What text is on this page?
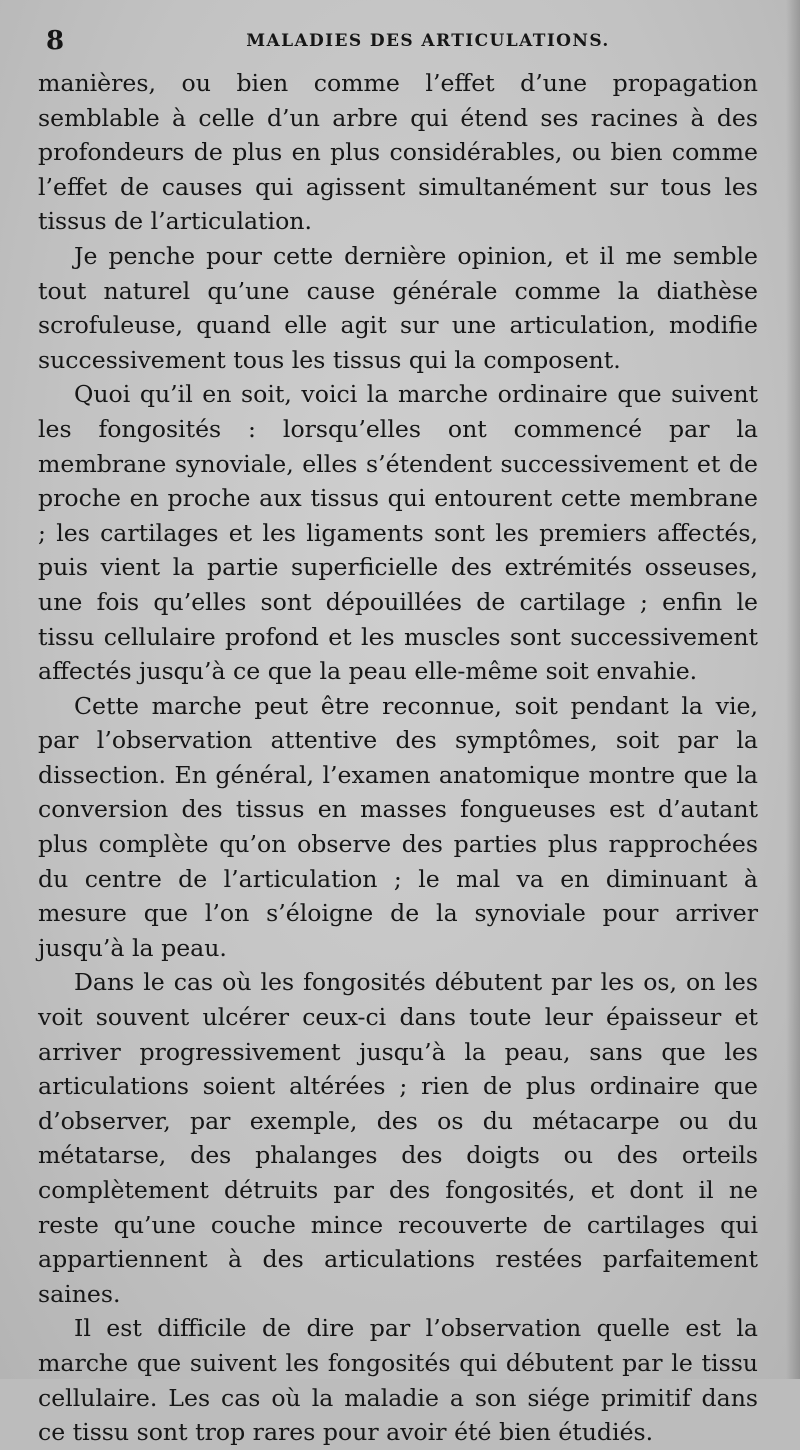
8	MALADIES DES ARTICULATIONS.

manières, ou bien comme l’effet d’une propagation semblable à celle d’un arbre qui étend ses racines à des profondeurs de plus en plus considérables, ou bien comme l’effet de causes qui agissent simultanément sur tous les tissus de l’articulation.

Je penche pour cette dernière opinion, et il me semble tout naturel qu’une cause générale comme la diathèse scrofuleuse, quand elle agit sur une articulation, modifie successivement tous les tissus qui la composent.

Quoi qu’il en soit, voici la marche ordinaire que suivent les fongosités : lorsqu’elles ont commencé par la membrane synoviale, elles s’étendent successivement et de proche en proche aux tissus qui entourent cette membrane ; les cartilages et les ligaments sont les premiers affectés, puis vient la partie superficielle des extrémités osseuses, une fois qu’elles sont dépouillées de cartilage ; enfin le tissu cellulaire profond et les muscles sont successivement affectés jusqu’à ce que la peau elle-même soit envahie.

Cette marche peut être reconnue, soit pendant la vie, par l’observation attentive des symptômes, soit par la dissection. En général, l’examen anatomique montre que la conversion des tissus en masses fongueuses est d’autant plus complète qu’on observe des parties plus rapprochées du centre de l’articulation ; le mal va en diminuant à mesure que l’on s’éloigne de la synoviale pour arriver jusqu’à la peau.

Dans le cas où les fongosités débutent par les os, on les voit souvent ulcérer ceux-ci dans toute leur épaisseur et arriver progressivement jusqu’à la peau, sans que les articulations soient altérées ; rien de plus ordinaire que d’observer, par exemple, des os du métacarpe ou du métatarse, des phalanges des doigts ou des orteils complètement détruits par des fongosités, et dont il ne reste qu’une couche mince recouverte de cartilages qui appartiennent à des articulations restées parfaitement saines.

Il est difficile de dire par l’observation quelle est la marche que suivent les fongosités qui débutent par le tissu cellulaire. Les cas où la maladie a son siége primitif dans ce tissu sont trop rares pour avoir été bien étudiés.
